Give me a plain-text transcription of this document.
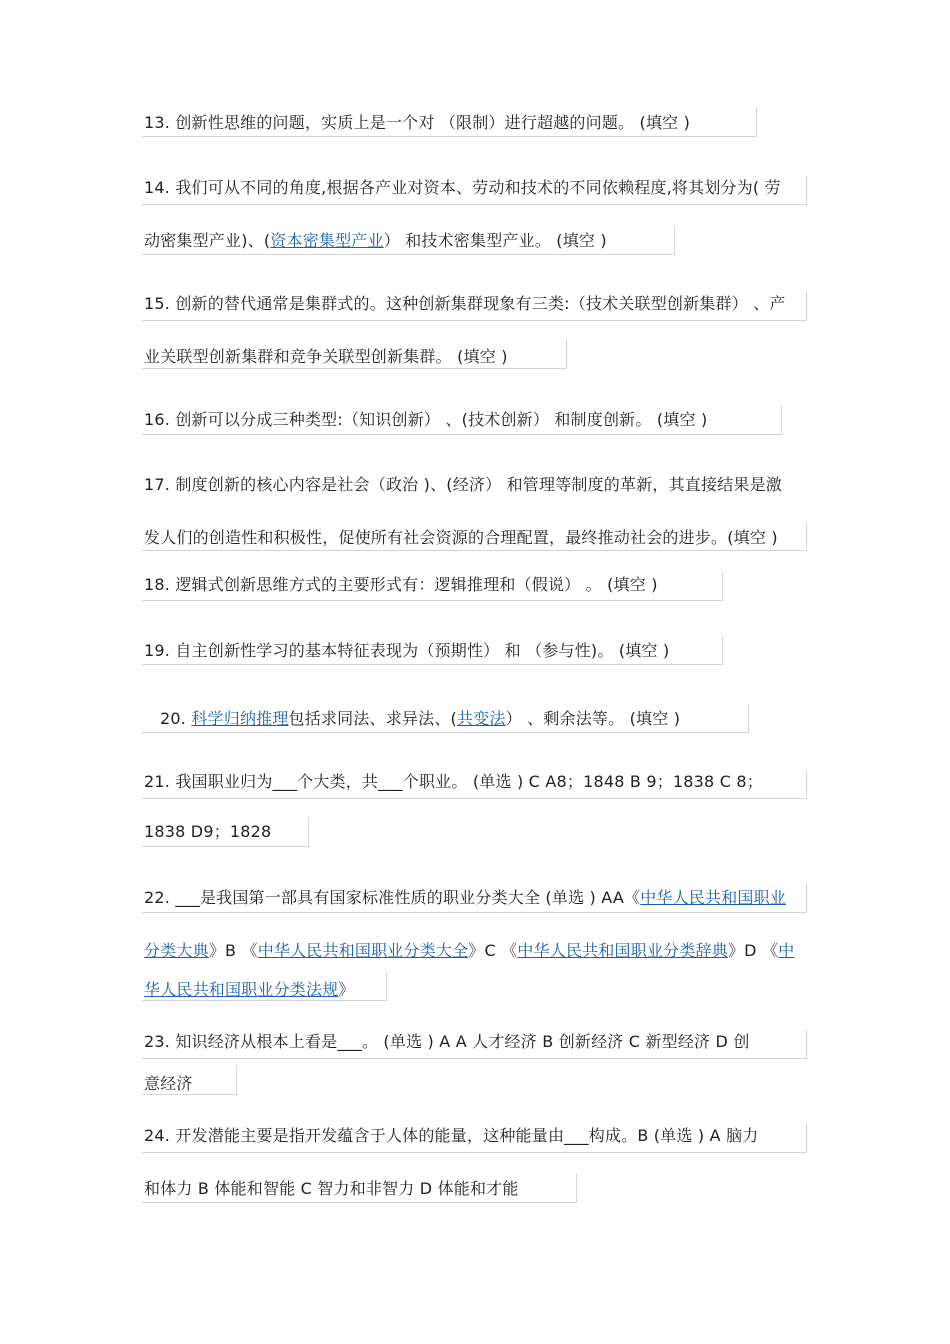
13. 创新性思维的问题，实质上是一个对 （限制）进行超越的问题。 (填空 )

14. 我们可从不同的角度,根据各产业对资本、劳动和技术的不同依赖程度,将其划分为( 劳

动密集型产业)、(资本密集型产业） 和技术密集型产业。 (填空 )

15. 创新的替代通常是集群式的。这种创新集群现象有三类:（技术关联型创新集群） 、产

业关联型创新集群和竞争关联型创新集群。 (填空 )

16. 创新可以分成三种类型:（知识创新） 、(技术创新） 和制度创新。 (填空 )

17. 制度创新的核心内容是社会（政治 )、(经济） 和管理等制度的革新，其直接结果是激

发人们的创造性和积极性，促使所有社会资源的合理配置，最终推动社会的进步。(填空 )

18. 逻辑式创新思维方式的主要形式有：逻辑推理和（假说） 。 (填空 )

19. 自主创新性学习的基本特征表现为（预期性） 和 （参与性)。 (填空 )

20. 科学归纳推理包括求同法、求异法、(共变法） 、剩余法等。 (填空 )

21. 我国职业归为___个大类，共___个职业。 (单选 ) C A8；1848 B 9；1838 C 8；

1838 D9；1828

22. ___是我国第一部具有国家标准性质的职业分类大全 (单选 ) AA《中华人民共和国职业

分类大典》B 《中华人民共和国职业分类大全》C 《中华人民共和国职业分类辞典》D 《中

华人民共和国职业分类法规》

23. 知识经济从根本上看是___。 (单选 ) A A 人才经济 B 创新经济 C 新型经济 D 创

意经济

24. 开发潜能主要是指开发蕴含于人体的能量，这种能量由___构成。B (单选 ) A 脑力

和体力 B 体能和智能 C 智力和非智力 D 体能和才能
